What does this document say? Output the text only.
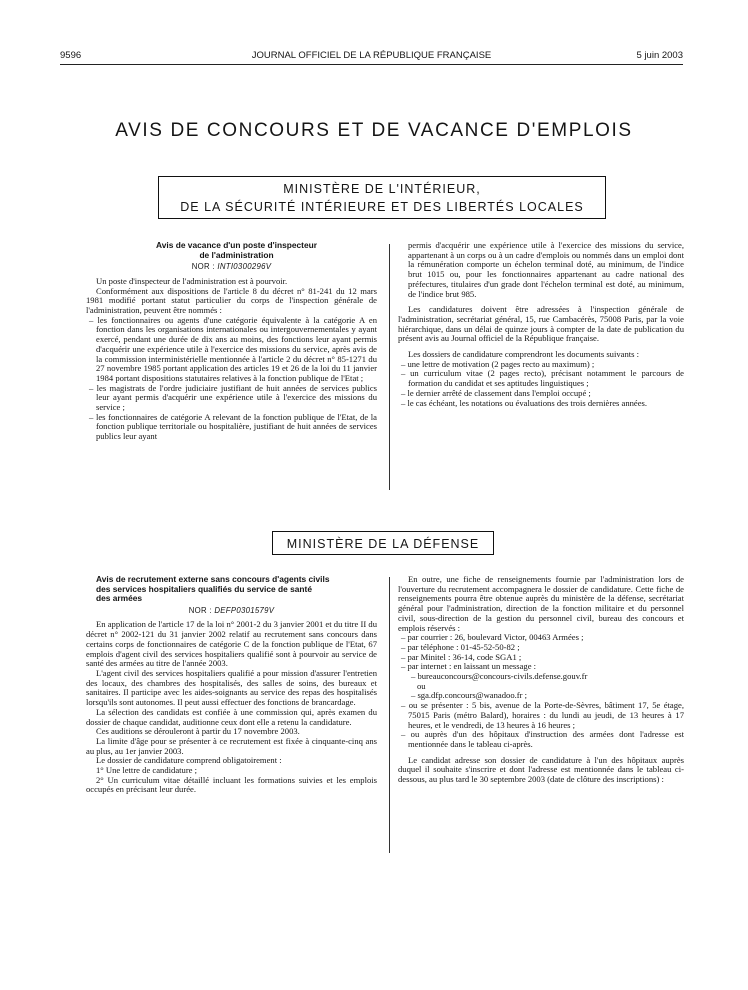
9596	JOURNAL OFFICIEL DE LA RÉPUBLIQUE FRANÇAISE	5 juin 2003
AVIS DE CONCOURS ET DE VACANCE D'EMPLOIS
MINISTÈRE DE L'INTÉRIEUR,
DE LA SÉCURITÉ INTÉRIEURE ET DES LIBERTÉS LOCALES

Avis de vacance d'un poste d'inspecteur

de l'administration

NOR : INTI0300296V

Un poste d'inspecteur de l'administration est à pourvoir.

Conformément aux dispositions de l'article 8 du décret n° 81-241 du 12 mars 1981 modifié portant statut particulier du corps de l'inspection générale de l'administration, peuvent être nommés :

– les fonctionnaires ou agents d'une catégorie équivalente à la catégorie A en fonction dans les organisations internationales ou intergouvernementales y ayant exercé, pendant une durée de dix ans au moins, des fonctions leur ayant permis d'acquérir une expérience utile à l'exercice des missions du service, après avis de la commission interministérielle mentionnée à l'article 2 du décret n° 85-1271 du 27 novembre 1985 portant application des articles 19 et 26 de la loi du 11 janvier 1984 portant dispositions statutaires relatives à la fonction publique de l'Etat ;

– les magistrats de l'ordre judiciaire justifiant de huit années de services publics leur ayant permis d'acquérir une expérience utile à l'exercice des missions du service ;

– les fonctionnaires de catégorie A relevant de la fonction publique de l'Etat, de la fonction publique territoriale ou hospitalière, justifiant de huit années de services publics leur ayant

permis d'acquérir une expérience utile à l'exercice des missions du service, appartenant à un corps ou à un cadre d'emplois ou nommés dans un emploi dont la rémunération comporte un échelon terminal doté, au minimum, de l'indice brut 1015 ou, pour les fonctionnaires appartenant au cadre national des préfectures, titulaires d'un grade dont l'échelon terminal est doté, au minimum, de l'indice brut 985.

Les candidatures doivent être adressées à l'inspection générale de l'administration, secrétariat général, 15, rue Cambacérès, 75008 Paris, par la voie hiérarchique, dans un délai de quinze jours à compter de la date de publication du présent avis au Journal officiel de la République française.

Les dossiers de candidature comprendront les documents suivants :

– une lettre de motivation (2 pages recto au maximum) ;

– un curriculum vitae (2 pages recto), précisant notamment le parcours de formation du candidat et ses aptitudes linguistiques ;

– le dernier arrêté de classement dans l'emploi occupé ;

– le cas échéant, les notations ou évaluations des trois dernières années.

MINISTÈRE DE LA DÉFENSE

Avis de recrutement externe sans concours d'agents civils

des services hospitaliers qualifiés du service de santé

des armées

NOR : DEFP0301579V

En application de l'article 17 de la loi n° 2001-2 du 3 janvier 2001 et du titre II du décret n° 2002-121 du 31 janvier 2002 relatif au recrutement sans concours dans certains corps de fonctionnaires de catégorie C de la fonction publique de l'Etat, 67 emplois d'agent civil des services hospitaliers qualifié sont à pourvoir au service de santé des armées au titre de l'année 2003.

L'agent civil des services hospitaliers qualifié a pour mission d'assurer l'entretien des locaux, des chambres des hospitalisés, des salles de soins, des bureaux et sanitaires. Il participe avec les aides-soignants au service des repas des hospitalisés lorsqu'ils sont autonomes. Il peut aussi effectuer des fonctions de brancardage.

La sélection des candidats est confiée à une commission qui, après examen du dossier de chaque candidat, auditionne ceux dont elle a retenu la candidature.

Ces auditions se dérouleront à partir du 17 novembre 2003.

La limite d'âge pour se présenter à ce recrutement est fixée à cinquante-cinq ans au plus, au 1er janvier 2003.

Le dossier de candidature comprend obligatoirement :

1° Une lettre de candidature ;

2° Un curriculum vitae détaillé incluant les formations suivies et les emplois occupés en précisant leur durée.

En outre, une fiche de renseignements fournie par l'administration lors de l'ouverture du recrutement accompagnera le dossier de candidature. Cette fiche de renseignements pourra être obtenue auprès du ministère de la défense, secrétariat général pour l'administration, direction de la fonction militaire et du personnel civil, sous-direction de la gestion du personnel civil, bureau des concours et emplois réservés :

– par courrier : 26, boulevard Victor, 00463 Armées ;

– par téléphone : 01-45-52-50-82 ;

– par Minitel : 36-14, code SGA1 ;

– par internet : en laissant un message :

– bureauconcours@concours-civils.defense.gouv.fr

ou

– sga.dfp.concours@wanadoo.fr ;

– ou se présenter : 5 bis, avenue de la Porte-de-Sèvres, bâtiment 17, 5e étage, 75015 Paris (métro Balard), horaires : du lundi au jeudi, de 13 heures à 17 heures, et le vendredi, de 13 heures à 16 heures ;

– ou auprès d'un des hôpitaux d'instruction des armées dont l'adresse est mentionnée dans le tableau ci-après.

Le candidat adresse son dossier de candidature à l'un des hôpitaux auprès duquel il souhaite s'inscrire et dont l'adresse est mentionnée dans le tableau ci-dessous, au plus tard le 30 septembre 2003 (date de clôture des inscriptions) :
